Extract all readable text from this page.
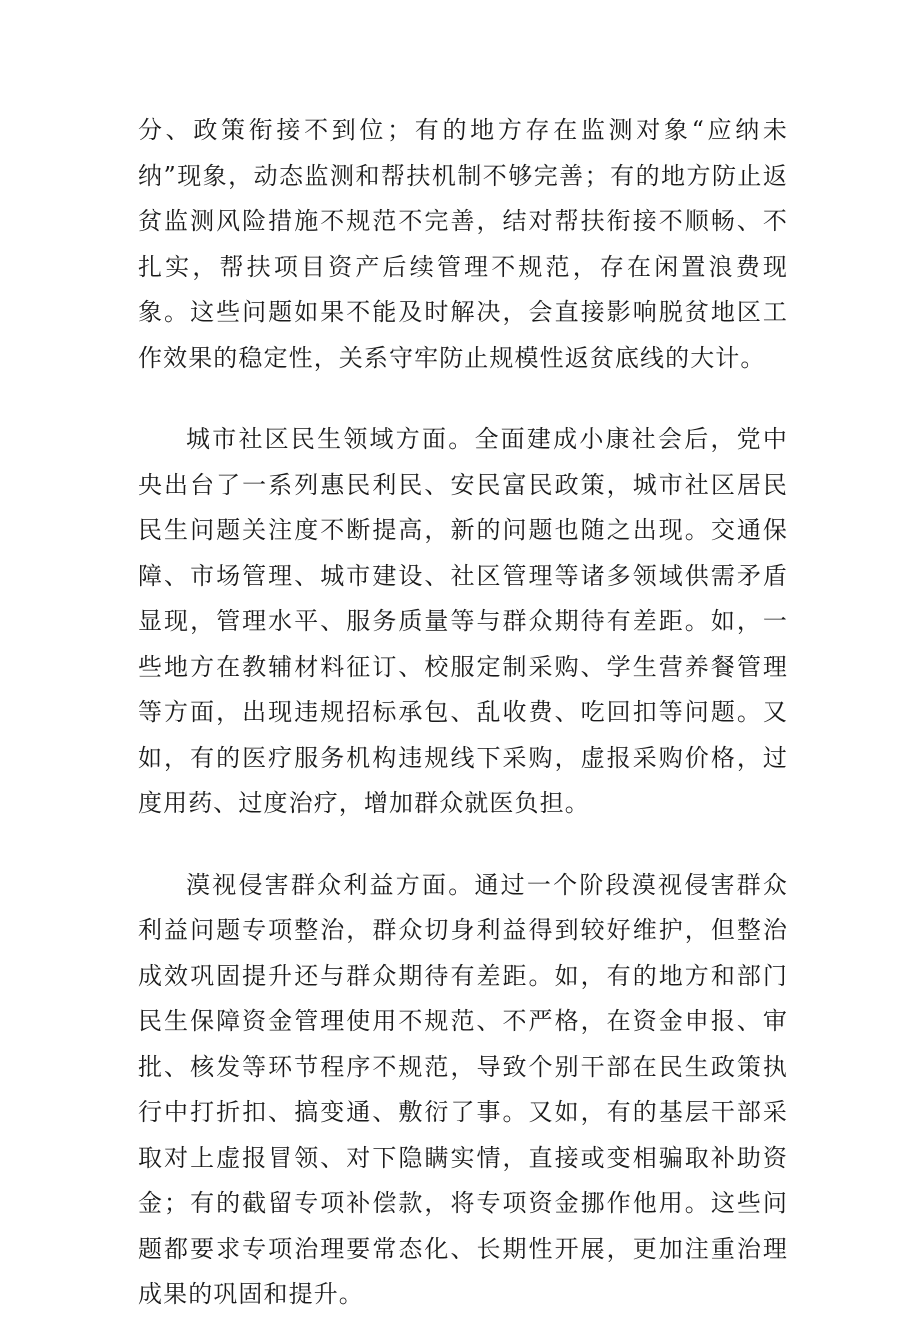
分、政策衔接不到位；有的地方存在监测对象“应纳未纳”现象，动态监测和帮扶机制不够完善；有的地方防止返贫监测风险措施不规范不完善，结对帮扶衔接不顺畅、不扎实，帮扶项目资产后续管理不规范，存在闲置浪费现象。这些问题如果不能及时解决，会直接影响脱贫地区工作效果的稳定性，关系守牢防止规模性返贫底线的大计。

城市社区民生领域方面。全面建成小康社会后，党中央出台了一系列惠民利民、安民富民政策，城市社区居民民生问题关注度不断提高，新的问题也随之出现。交通保障、市场管理、城市建设、社区管理等诸多领域供需矛盾显现，管理水平、服务质量等与群众期待有差距。如，一些地方在教辅材料征订、校服定制采购、学生营养餐管理等方面，出现违规招标承包、乱收费、吃回扣等问题。又如，有的医疗服务机构违规线下采购，虚报采购价格，过度用药、过度治疗，增加群众就医负担。

漠视侵害群众利益方面。通过一个阶段漠视侵害群众利益问题专项整治，群众切身利益得到较好维护，但整治成效巩固提升还与群众期待有差距。如，有的地方和部门民生保障资金管理使用不规范、不严格，在资金申报、审批、核发等环节程序不规范，导致个别干部在民生政策执行中打折扣、搞变通、敷衍了事。又如，有的基层干部采取对上虚报冒领、对下隐瞒实情，直接或变相骗取补助资金；有的截留专项补偿款，将专项资金挪作他用。这些问题都要求专项治理要常态化、长期性开展，更加注重治理成果的巩固和提升。
